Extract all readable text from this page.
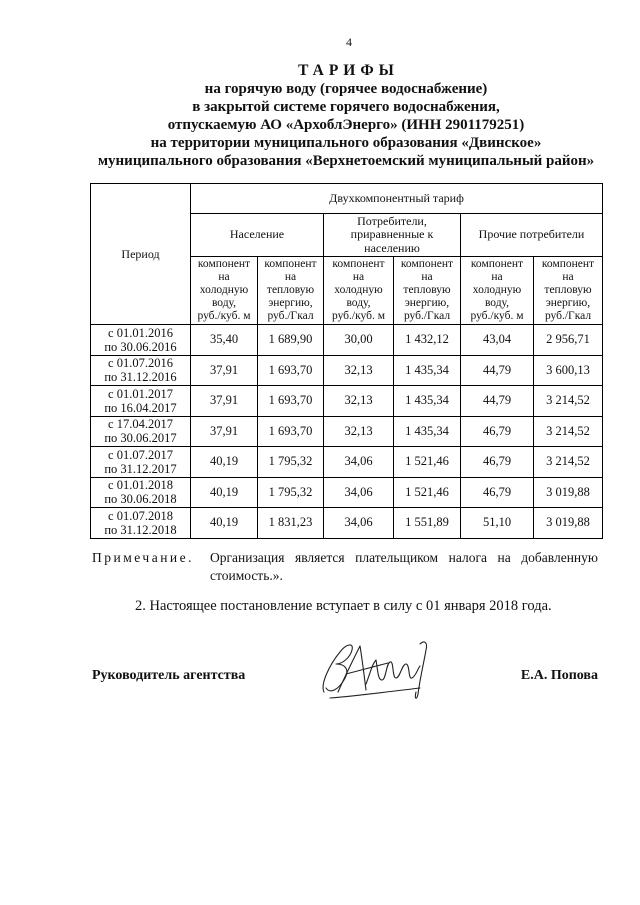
4
ТАРИФЫ
на горячую воду (горячее водоснабжение)
в закрытой системе горячего водоснабжения,
отпускаемую АО «АрхоблЭнерго» (ИНН 2901179251)
на территории муниципального образования «Двинское»
муниципального образования «Верхнетоемский муниципальный район»
Период	Двухкомпонентный тариф					
	Население		Потребители,
приравненные к
населению		Прочие потребители	
	компонент
на
холодную
воду,
руб./куб. м	компонент
на
тепловую
энергию,
руб./Гкал	компонент
на
холодную
воду,
руб./куб. м	компонент
на
тепловую
энергию,
руб./Гкал	компонент
на
холодную
воду,
руб./куб. м	компонент
на
тепловую
энергию,
руб./Гкал

с 01.01.2016
по 30.06.2016	35,40	1 689,90	30,00	1 432,12	43,04	2 956,71

с 01.07.2016
по 31.12.2016	37,91	1 693,70	32,13	1 435,34	44,79	3 600,13

с 01.01.2017
по 16.04.2017	37,91	1 693,70	32,13	1 435,34	44,79	3 214,52

с 17.04.2017
по 30.06.2017	37,91	1 693,70	32,13	1 435,34	46,79	3 214,52

с 01.07.2017
по 31.12.2017	40,19	1 795,32	34,06	1 521,46	46,79	3 214,52

с 01.01.2018
по 30.06.2018	40,19	1 795,32	34,06	1 521,46	46,79	3 019,88

с 01.07.2018
по 31.12.2018	40,19	1 831,23	34,06	1 551,89	51,10	3 019,88
Примечание. Организация является плательщиком налога на добавленную стоимость.».
2. Настоящее постановление вступает в силу с 01 января 2018 года.
Руководитель агентства	Е.А. Попова
